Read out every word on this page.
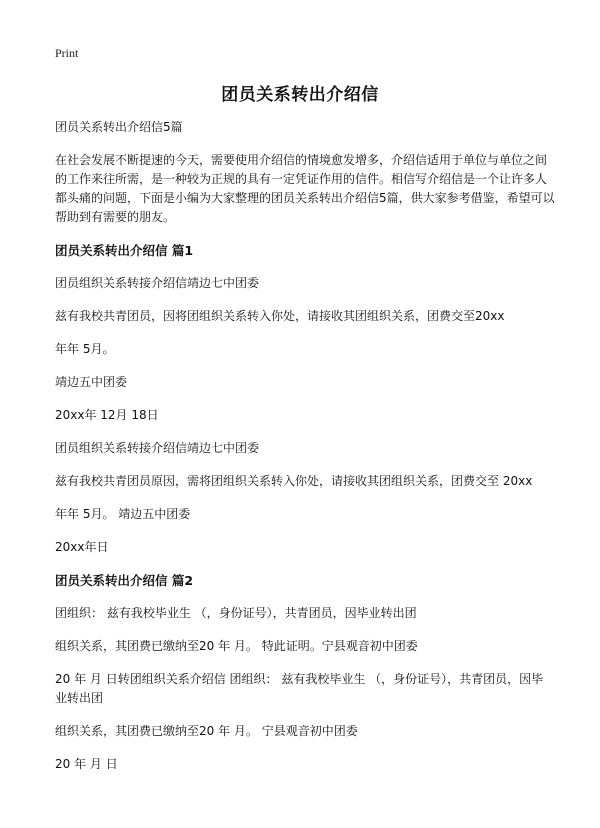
Print
团员关系转出介绍信

团员关系转出介绍信5篇

在社会发展不断提速的今天，需要使用介绍信的情境愈发增多，介绍信适用于单位与单位之间的工作来往所需，是一种较为正规的具有一定凭证作用的信件。相信写介绍信是一个让许多人都头痛的问题，下面是小编为大家整理的团员关系转出介绍信5篇，供大家参考借鉴，希望可以帮助到有需要的朋友。

团员关系转出介绍信 篇1

团员组织关系转接介绍信靖边七中团委

兹有我校共青团员，因将团组织关系转入你处，请接收其团组织关系，团费交至20xx

年年 5月。

靖边五中团委

20xx年 12月 18日

团员组织关系转接介绍信靖边七中团委

兹有我校共青团员原因，需将团组织关系转入你处，请接收其团组织关系，团费交至 20xx

年年 5月。 靖边五中团委

20xx年日

团员关系转出介绍信 篇2

团组织： 兹有我校毕业生 （，身份证号），共青团员，因毕业转出团

组织关系，其团费已缴纳至20 年 月。 特此证明。宁县观音初中团委

20 年 月 日转团组织关系介绍信 团组织： 兹有我校毕业生 （，身份证号），共青团员，因毕业转出团

组织关系，其团费已缴纳至20 年 月。 宁县观音初中团委

20 年 月 日
